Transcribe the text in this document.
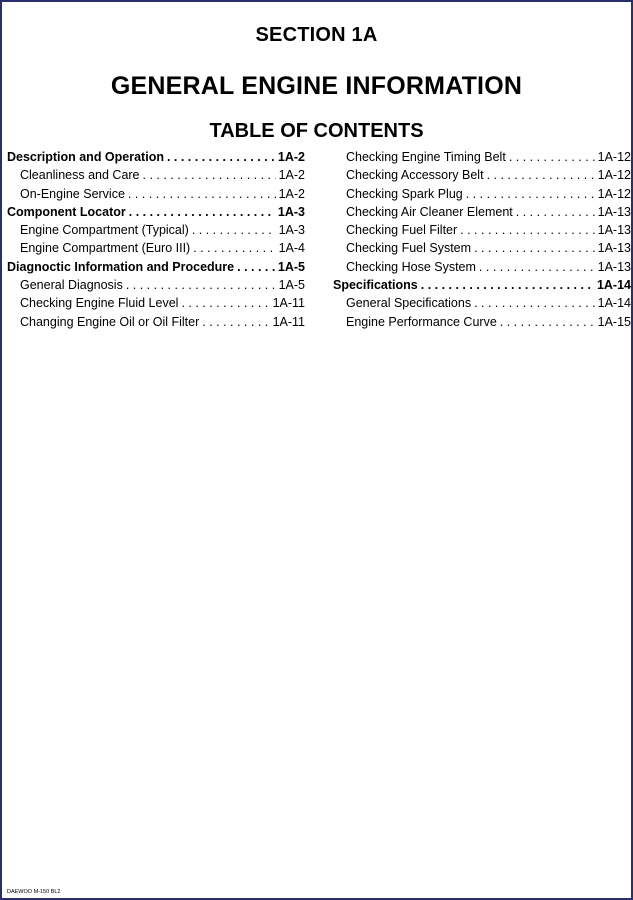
SECTION 1A
GENERAL ENGINE INFORMATION
TABLE OF CONTENTS
Description and Operation . . .	1A-2
Cleanliness and Care . . .	1A-2
On-Engine Service . . .	1A-2
Component Locator . . .	1A-3
Engine Compartment (Typical) . . .	1A-3
Engine Compartment (Euro III) . . .	1A-4
Diagnoctic Information and Procedure . . .	1A-5
General Diagnosis . . .	1A-5
Checking Engine Fluid Level . . .	1A-11
Changing Engine Oil or Oil Filter . . .	1A-11
Checking Engine Timing Belt . . .	1A-12
Checking Accessory Belt . . .	1A-12
Checking Spark Plug . . .	1A-12
Checking Air Cleaner Element . . .	1A-13
Checking Fuel Filter . . .	1A-13
Checking Fuel System . . .	1A-13
Checking Hose System . . .	1A-13
Specifications . . .	1A-14
General Specifications . . .	1A-14
Engine Performance Curve . . .	1A-15
DAEWOO M-150 BL2
